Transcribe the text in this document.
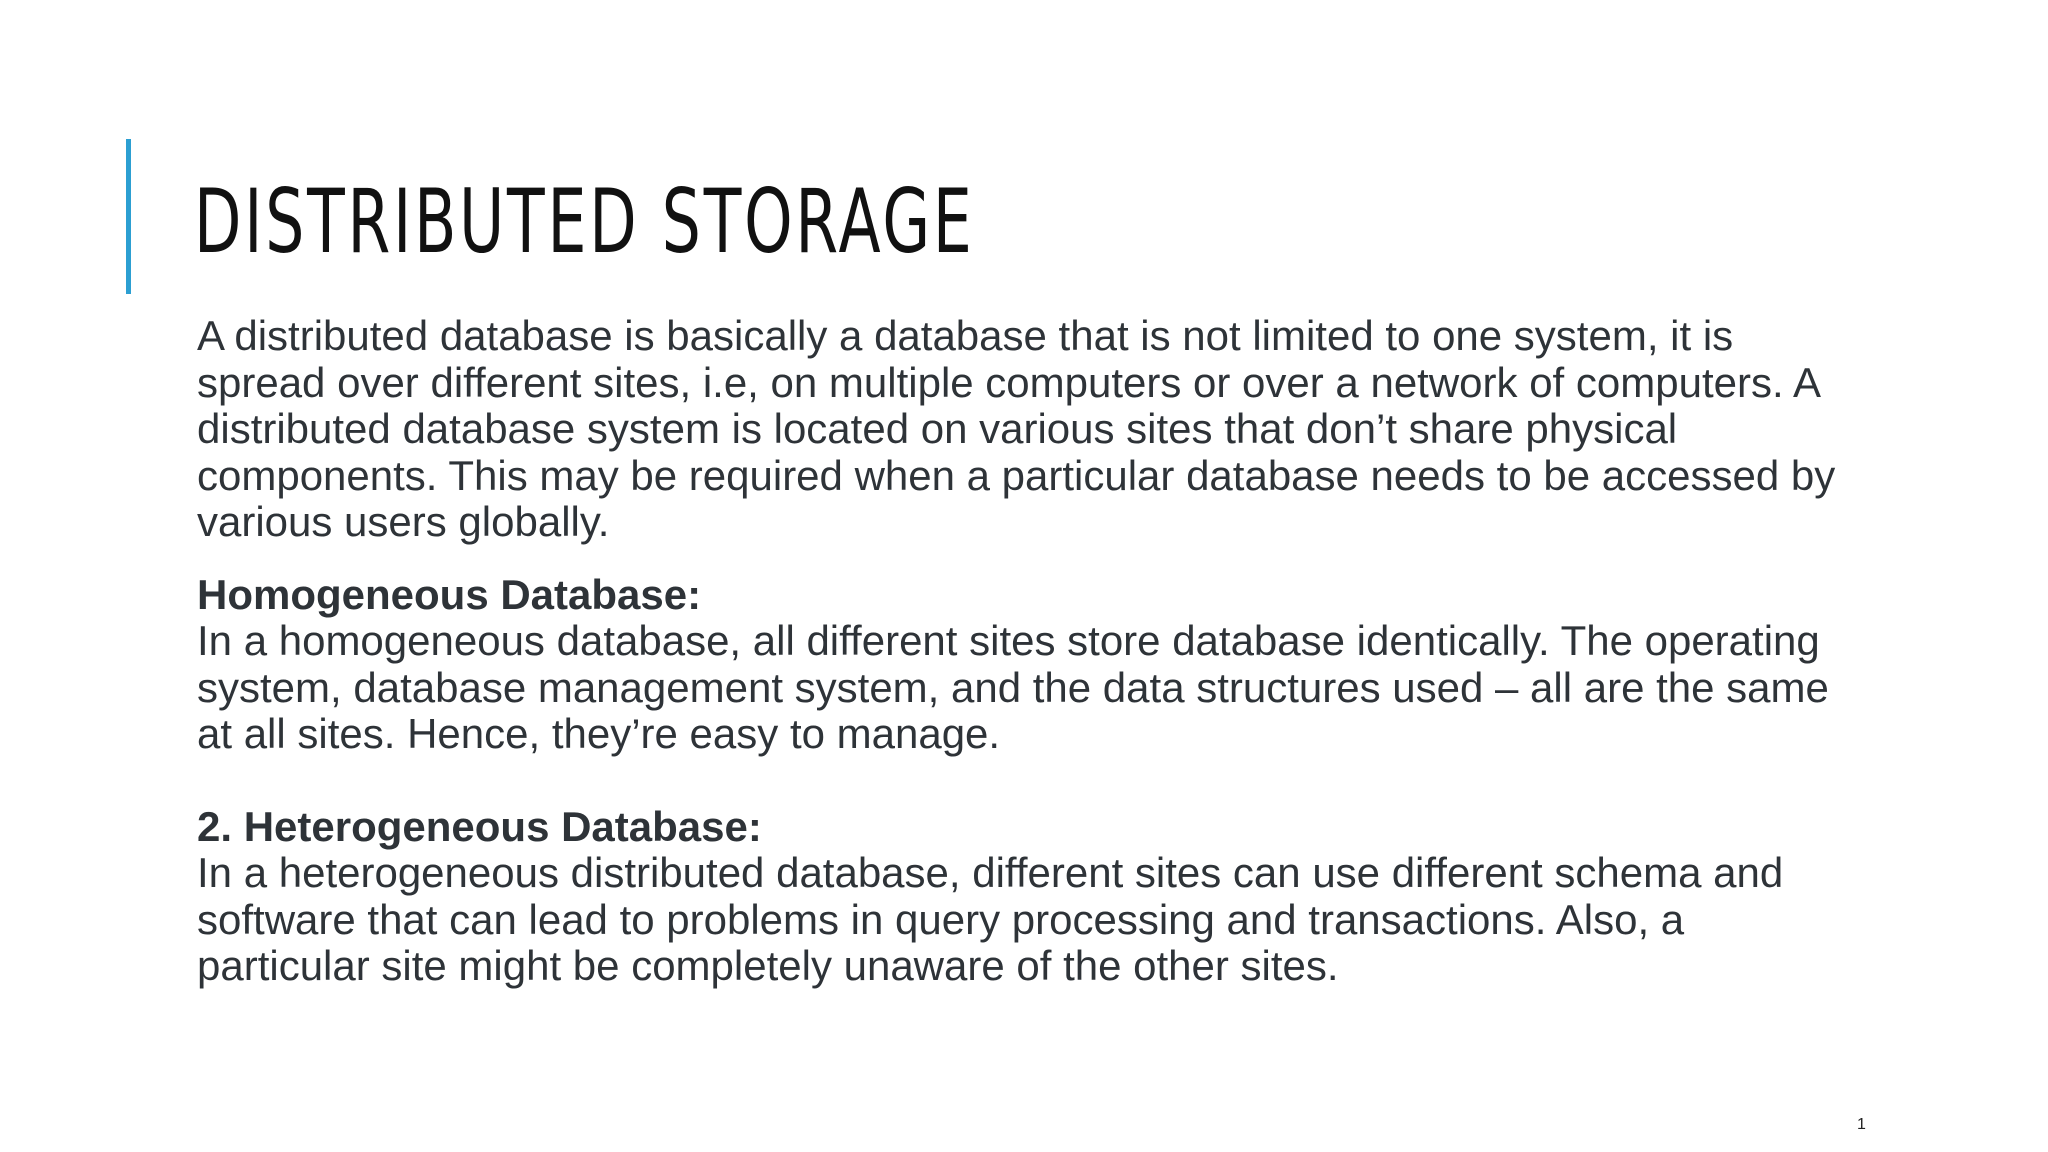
DISTRIBUTED STORAGE

A distributed database is basically a database that is not limited to one system, it is spread over different sites, i.e, on multiple computers or over a network of computers. A distributed database system is located on various sites that don’t share physical components. This may be required when a particular database needs to be accessed by various users globally.

Homogeneous Database:

In a homogeneous database, all different sites store database identically. The operating system, database management system, and the data structures used – all are the same at all sites. Hence, they’re easy to manage.

2. Heterogeneous Database:

In a heterogeneous distributed database, different sites can use different schema and software that can lead to problems in query processing and transactions. Also, a particular site might be completely unaware of the other sites.

1
